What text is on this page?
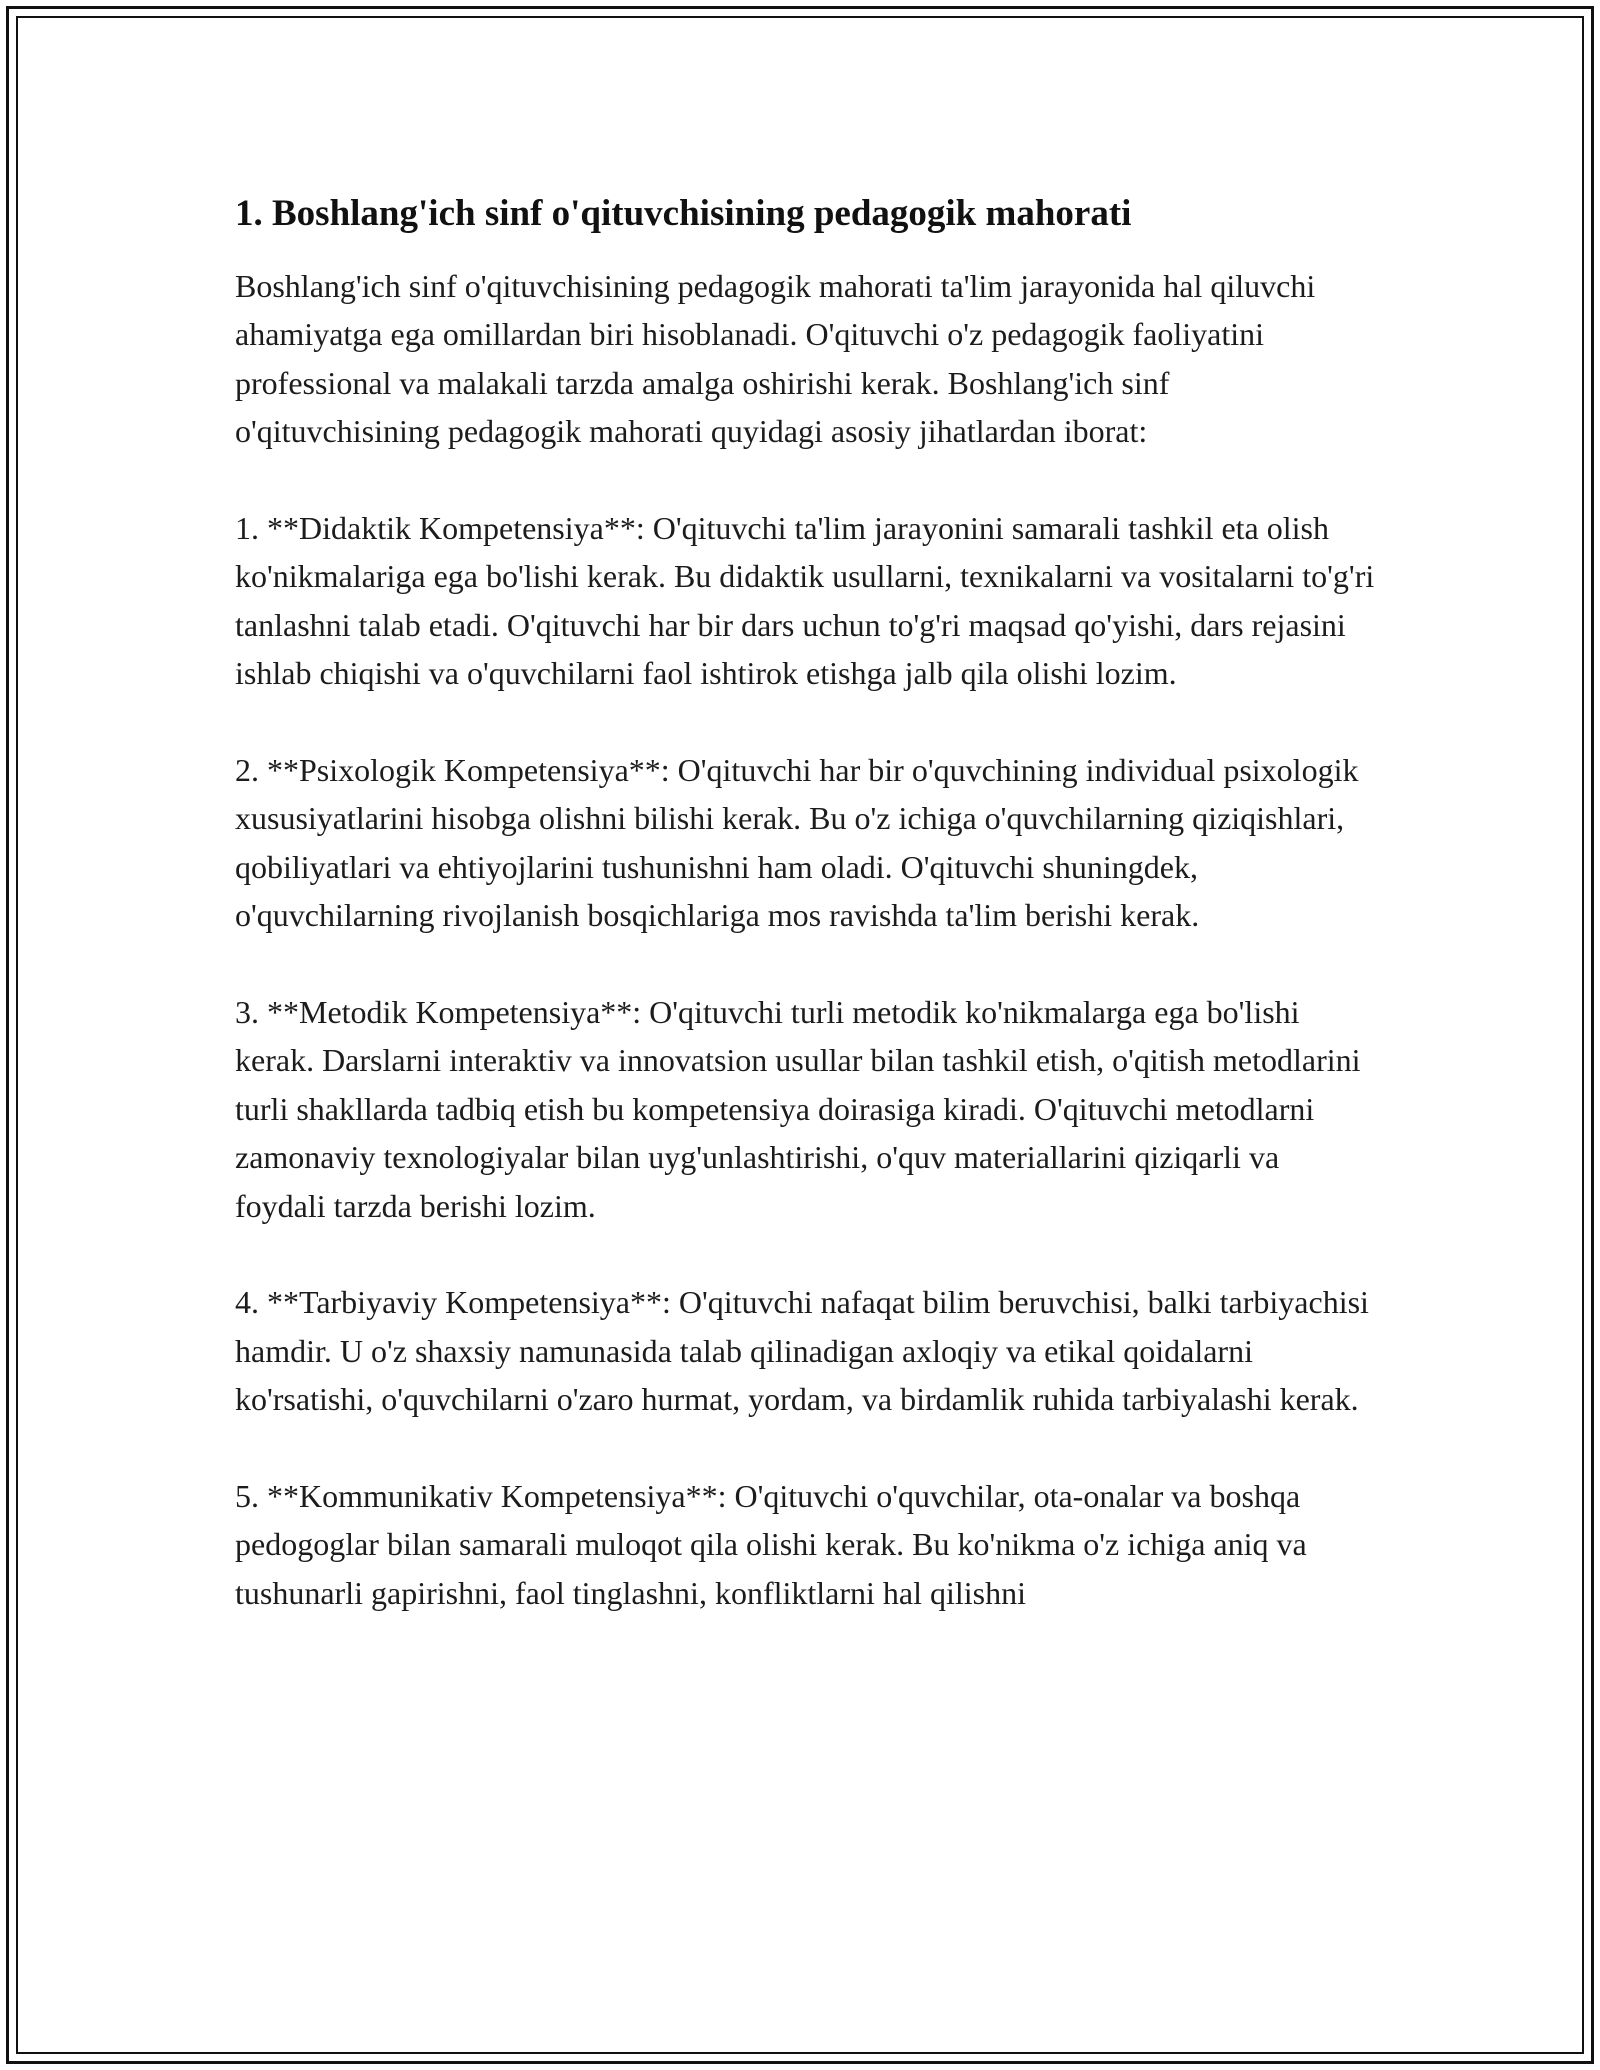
1. Boshlang'ich sinf o'qituvchisining pedagogik mahorati

Boshlang'ich sinf o'qituvchisining pedagogik mahorati ta'lim jarayonida hal qiluvchi ahamiyatga ega omillardan biri hisoblanadi. O'qituvchi o'z pedagogik faoliyatini professional va malakali tarzda amalga oshirishi kerak. Boshlang'ich sinf o'qituvchisining pedagogik mahorati quyidagi asosiy jihatlardan iborat:

1. **Didaktik Kompetensiya**: O'qituvchi ta'lim jarayonini samarali tashkil eta olish ko'nikmalariga ega bo'lishi kerak. Bu didaktik usullarni, texnikalarni va vositalarni to'g'ri tanlashni talab etadi. O'qituvchi har bir dars uchun to'g'ri maqsad qo'yishi, dars rejasini ishlab chiqishi va o'quvchilarni faol ishtirok etishga jalb qila olishi lozim.

2. **Psixologik Kompetensiya**: O'qituvchi har bir o'quvchining individual psixologik xususiyatlarini hisobga olishni bilishi kerak. Bu o'z ichiga o'quvchilarning qiziqishlari, qobiliyatlari va ehtiyojlarini tushunishni ham oladi. O'qituvchi shuningdek, o'quvchilarning rivojlanish bosqichlariga mos ravishda ta'lim berishi kerak.

3. **Metodik Kompetensiya**: O'qituvchi turli metodik ko'nikmalarga ega bo'lishi kerak. Darslarni interaktiv va innovatsion usullar bilan tashkil etish, o'qitish metodlarini turli shakllarda tadbiq etish bu kompetensiya doirasiga kiradi. O'qituvchi metodlarni zamonaviy texnologiyalar bilan uyg'unlashtirishi, o'quv materiallarini qiziqarli va foydali tarzda berishi lozim.

4. **Tarbiyaviy Kompetensiya**: O'qituvchi nafaqat bilim beruvchisi, balki tarbiyachisi hamdir. U o'z shaxsiy namunasida talab qilinadigan axloqiy va etikal qoidalarni ko'rsatishi, o'quvchilarni o'zaro hurmat, yordam, va birdamlik ruhida tarbiyalashi kerak.

5. **Kommunikativ Kompetensiya**: O'qituvchi o'quvchilar, ota-onalar va boshqa pedogoglar bilan samarali muloqot qila olishi kerak. Bu ko'nikma o'z ichiga aniq va tushunarli gapirishni, faol tinglashni, konfliktlarni hal qilishni
